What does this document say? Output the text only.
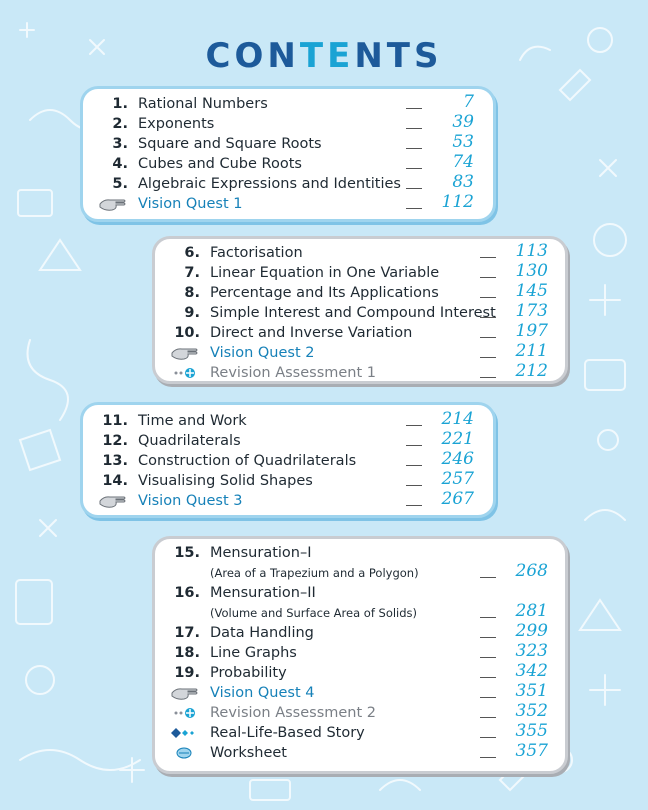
CONTENTS
1. Rational Numbers	7
2. Exponents	39
3. Square and Square Roots	53
4. Cubes and Cube Roots	74
5. Algebraic Expressions and Identities	83
Vision Quest 1	112
6. Factorisation	113
7. Linear Equation in One Variable	130
8. Percentage and Its Applications	145
9. Simple Interest and Compound Interest	173
10. Direct and Inverse Variation	197
Vision Quest 2	211
Revision Assessment 1	212
11. Time and Work	214
12. Quadrilaterals	221
13. Construction of Quadrilaterals	246
14. Visualising Solid Shapes	257
Vision Quest 3	267
15. Mensuration–I
(Area of a Trapezium and a Polygon)	268
16. Mensuration–II
(Volume and Surface Area of Solids)	281
17. Data Handling	299
18. Line Graphs	323
19. Probability	342
Vision Quest 4	351
Revision Assessment 2	352
Real-Life-Based Story	355
Worksheet	357
